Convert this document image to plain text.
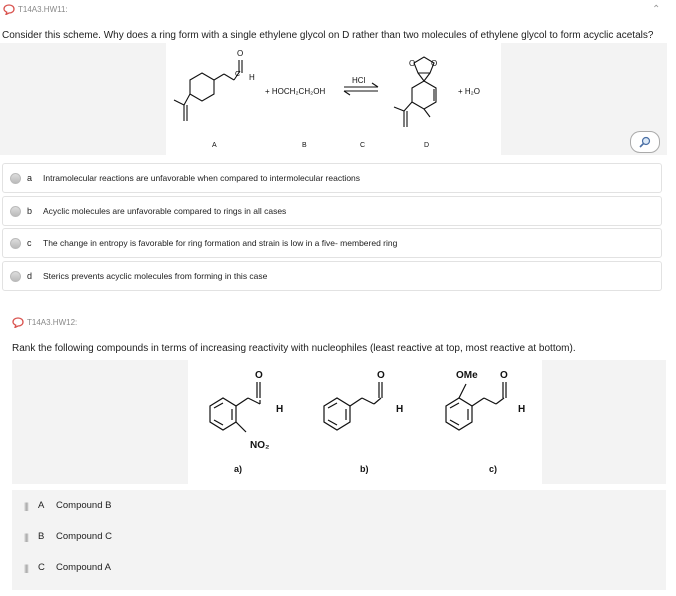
T14A3.HW11:	⌃
Consider this scheme. Why does a ring form with a single ethylene glycol on D rather than two molecules of ethylene glycol to form acyclic acetals?
O
C H
+ HOCH₂CH₂OH
HCl
O O
+ H₂O
A	B	C	D
a	Intramolecular reactions are unfavorable when compared to intermolecular reactions
b	Acyclic molecules are unfavorable compared to rings in all cases
c	The change in entropy is favorable for ring formation and strain is low in a five- membered ring
d	Sterics prevents acyclic molecules from forming in this case
T14A3.HW12:
Rank the following compounds in terms of increasing reactivity with nucleophiles (least reactive at top, most reactive at bottom).
O
H
NO₂
O
H
OMe O
H
a)	b)	c)
||| A	Compound B
||| B	Compound C
||| C	Compound A
